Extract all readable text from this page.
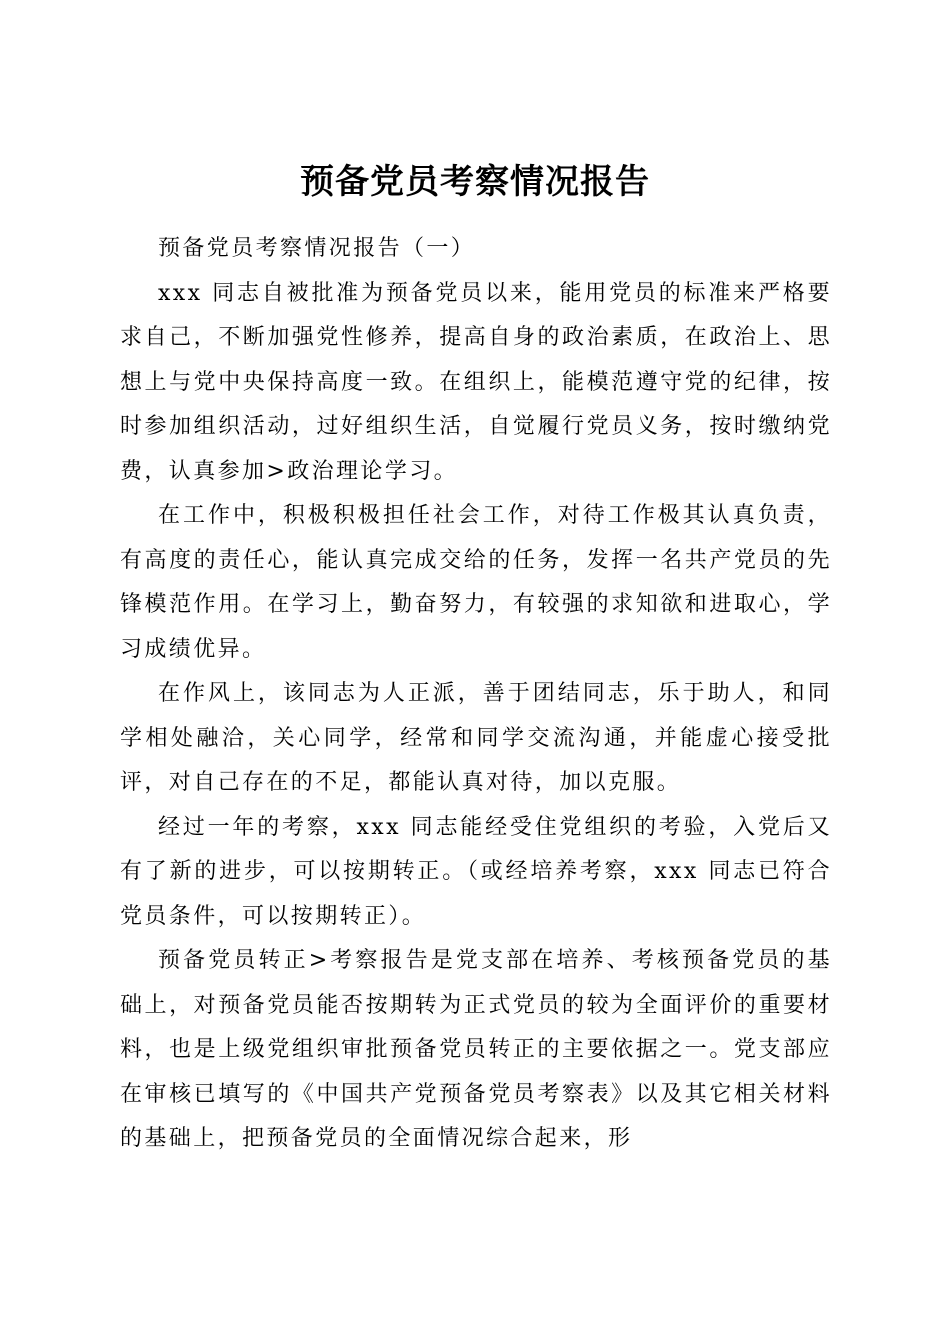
预备党员考察情况报告

预备党员考察情况报告（一）

xxx 同志自被批准为预备党员以来，能用党员的标准来严格要求自己，不断加强党性修养，提高自身的政治素质，在政治上、思想上与党中央保持高度一致。在组织上，能模范遵守党的纪律，按时参加组织活动，过好组织生活，自觉履行党员义务，按时缴纳党费，认真参加>政治理论学习。

在工作中，积极积极担任社会工作，对待工作极其认真负责，有高度的责任心，能认真完成交给的任务，发挥一名共产党员的先锋模范作用。在学习上，勤奋努力，有较强的求知欲和进取心，学习成绩优异。

在作风上，该同志为人正派，善于团结同志，乐于助人，和同学相处融洽，关心同学，经常和同学交流沟通，并能虚心接受批评，对自己存在的不足，都能认真对待，加以克服。

经过一年的考察，xxx 同志能经受住党组织的考验，入党后又有了新的进步，可以按期转正。（或经培养考察，xxx 同志已符合党员条件，可以按期转正）。

预备党员转正>考察报告是党支部在培养、考核预备党员的基础上，对预备党员能否按期转为正式党员的较为全面评价的重要材料，也是上级党组织审批预备党员转正的主要依据之一。党支部应在审核已填写的《中国共产党预备党员考察表》以及其它相关材料的基础上，把预备党员的全面情况综合起来，形
